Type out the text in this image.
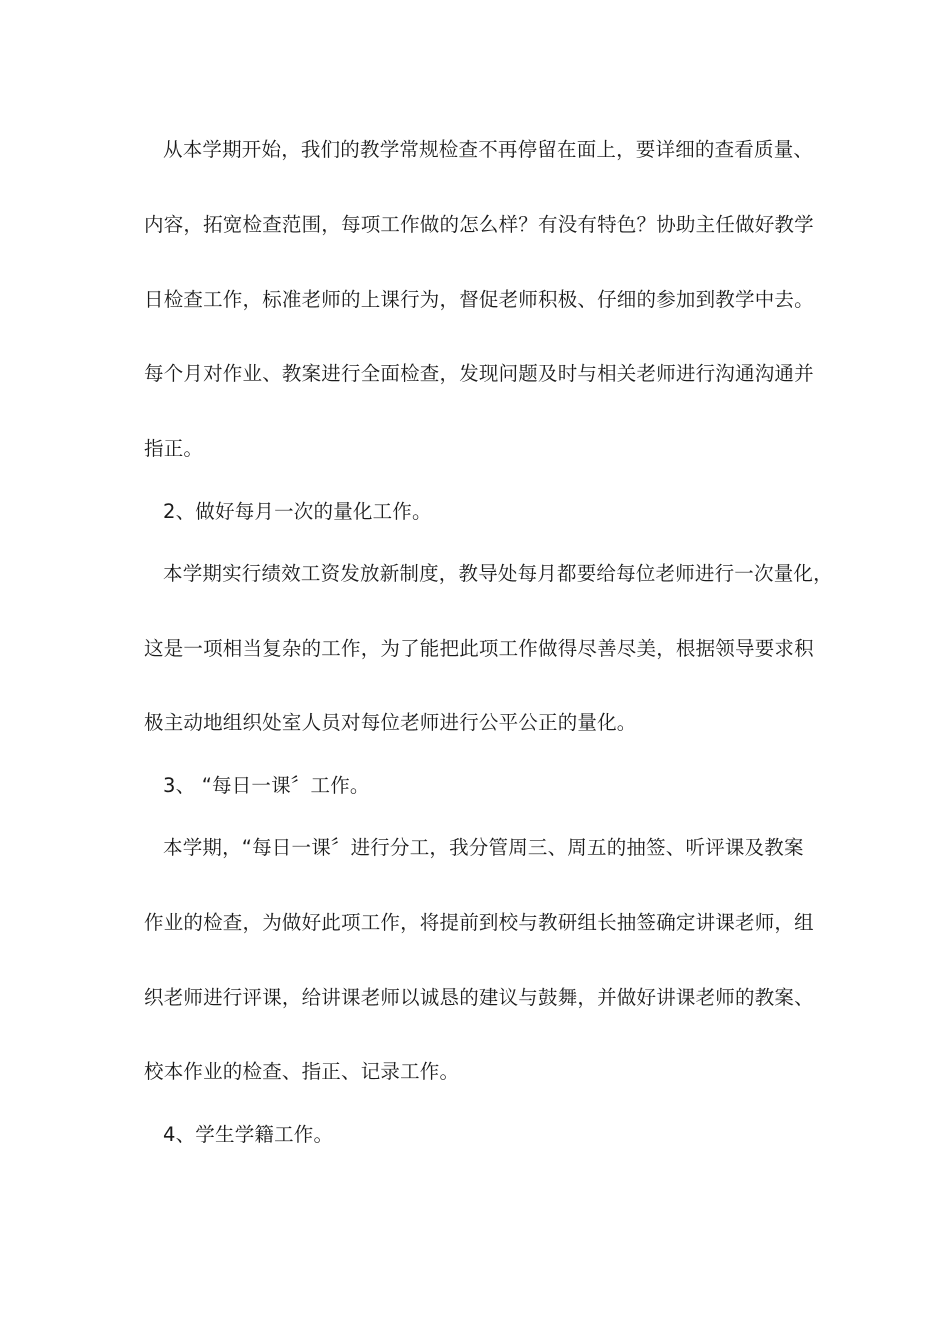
从本学期开始，我们的教学常规检查不再停留在面上，要详细的查看质量、
内容，拓宽检查范围，每项工作做的怎么样？有没有特色？协助主任做好教学
日检查工作，标准老师的上课行为，督促老师积极、仔细的参加到教学中去。
每个月对作业、教案进行全面检查，发现问题及时与相关老师进行沟通沟通并
指正。
2、做好每月一次的量化工作。
本学期实行绩效工资发放新制度，教导处每月都要给每位老师进行一次量化，
这是一项相当复杂的工作，为了能把此项工作做得尽善尽美，根据领导要求积
极主动地组织处室人员对每位老师进行公平公正的量化。
3、 “每日一课〞工作。
本学期，“每日一课〞进行分工，我分管周三、周五的抽签、听评课及教案
作业的检查，为做好此项工作，将提前到校与教研组长抽签确定讲课老师，组
织老师进行评课，给讲课老师以诚恳的建议与鼓舞，并做好讲课老师的教案、
校本作业的检查、指正、记录工作。
4、学生学籍工作。
